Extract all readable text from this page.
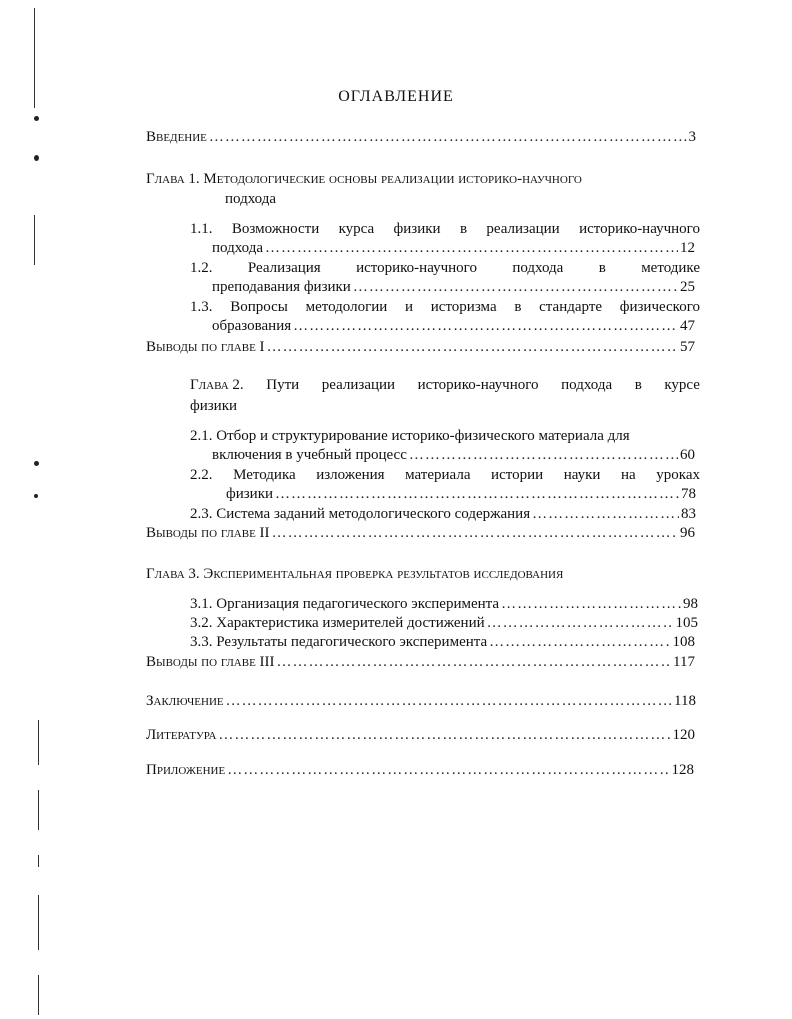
ОГЛАВЛЕНИЕ
Введение …………………………………………………………………………………………………………………………………………………………………………	3
Глава 1. Методологические основы реализации историко-научного
подхода
1.1. Возможности курса физики в реализации историко-научного
подхода …………………………………………………………………………………………………………………………………………………………………………	12
1.2. Реализация историко-научного подхода в методике
преподавания физики …………………………………………………………………………………………………………………………………………………………………………	25
1.3. Вопросы методологии и историзма в стандарте физического
образования …………………………………………………………………………………………………………………………………………………………………………	47
Выводы по главе I …………………………………………………………………………………………………………………………………………………………………………	57
Глава 2. Пути реализации историко-научного подхода в курсе
физики
2.1. Отбор и структурирование историко-физического материала для
включения в учебный процесс …………………………………………………………………………………………………………………………………………………………………………	60
2.2. Методика изложения материала истории науки на уроках
физики …………………………………………………………………………………………………………………………………………………………………………	78
2.3. Система заданий методологического содержания …………………………………………………………………………………………………………………………………………………………………………	83
Выводы по главе II …………………………………………………………………………………………………………………………………………………………………………	96
Глава 3. Экспериментальная проверка результатов исследования
3.1. Организация педагогического эксперимента …………………………………………………………………………………………………………………………………………………………………………	98
3.2. Характеристика измерителей достижений …………………………………………………………………………………………………………………………………………………………………………	105
3.3. Результаты педагогического эксперимента …………………………………………………………………………………………………………………………………………………………………………	108
Выводы по главе III …………………………………………………………………………………………………………………………………………………………………………	117
Заключение …………………………………………………………………………………………………………………………………………………………………………	118
Литература …………………………………………………………………………………………………………………………………………………………………………	120
Приложение …………………………………………………………………………………………………………………………………………………………………………	128
